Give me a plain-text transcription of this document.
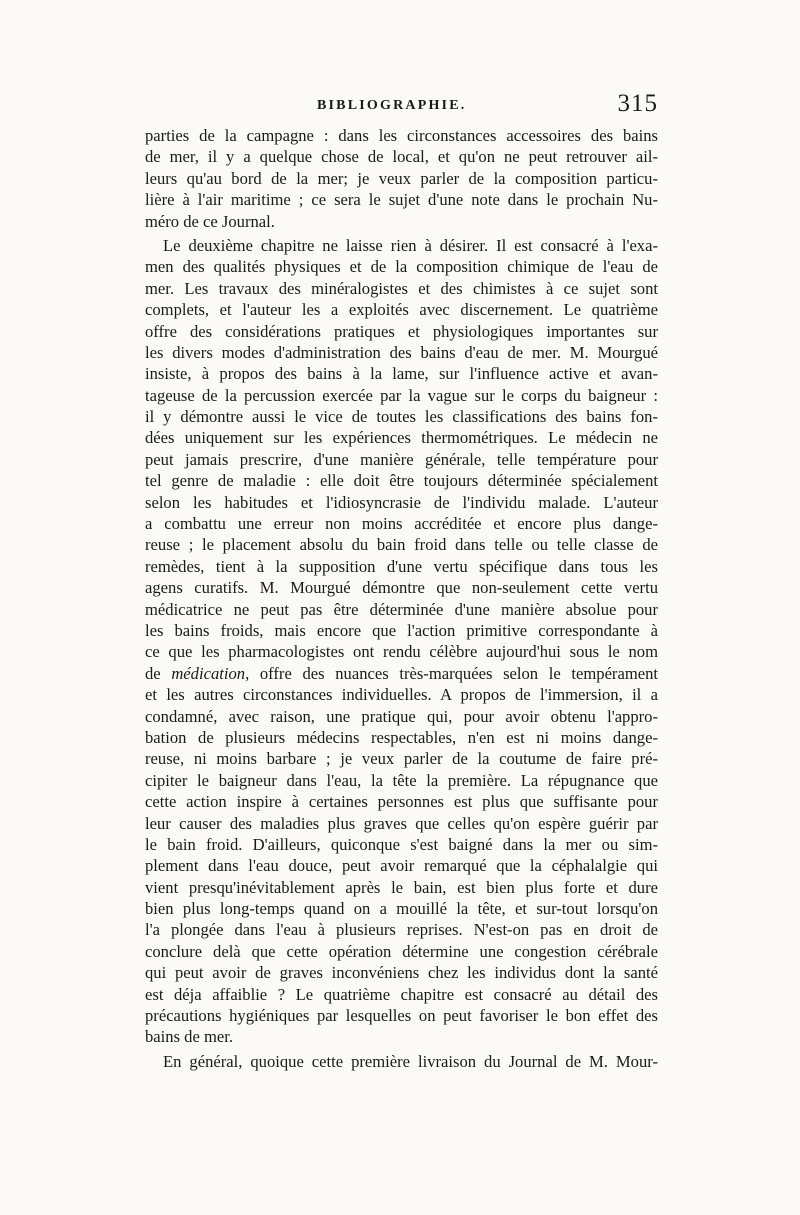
BIBLIOGRAPHIE.	315
parties de la campagne : dans les circonstances accessoires des bains
de mer, il y a quelque chose de local, et qu'on ne peut retrouver ail-
leurs qu'au bord de la mer; je veux parler de la composition particu-
lière à l'air maritime ; ce sera le sujet d'une note dans le prochain Nu-
méro de ce Journal.
Le deuxième chapitre ne laisse rien à désirer. Il est consacré à l'exa-
men des qualités physiques et de la composition chimique de l'eau de
mer. Les travaux des minéralogistes et des chimistes à ce sujet sont
complets, et l'auteur les a exploités avec discernement. Le quatrième
offre des considérations pratiques et physiologiques importantes sur
les divers modes d'administration des bains d'eau de mer. M. Mourgué
insiste, à propos des bains à la lame, sur l'influence active et avan-
tageuse de la percussion exercée par la vague sur le corps du baigneur :
il y démontre aussi le vice de toutes les classifications des bains fon-
dées uniquement sur les expériences thermométriques. Le médecin ne
peut jamais prescrire, d'une manière générale, telle température pour
tel genre de maladie : elle doit être toujours déterminée spécialement
selon les habitudes et l'idiosyncrasie de l'individu malade. L'auteur
a combattu une erreur non moins accréditée et encore plus dange-
reuse ; le placement absolu du bain froid dans telle ou telle classe de
remèdes, tient à la supposition d'une vertu spécifique dans tous les
agens curatifs. M. Mourgué démontre que non-seulement cette vertu
médicatrice ne peut pas être déterminée d'une manière absolue pour
les bains froids, mais encore que l'action primitive correspondante à
ce que les pharmacologistes ont rendu célèbre aujourd'hui sous le nom
de médication, offre des nuances très-marquées selon le tempérament
et les autres circonstances individuelles. A propos de l'immersion, il a
condamné, avec raison, une pratique qui, pour avoir obtenu l'appro-
bation de plusieurs médecins respectables, n'en est ni moins dange-
reuse, ni moins barbare ; je veux parler de la coutume de faire pré-
cipiter le baigneur dans l'eau, la tête la première. La répugnance que
cette action inspire à certaines personnes est plus que suffisante pour
leur causer des maladies plus graves que celles qu'on espère guérir par
le bain froid. D'ailleurs, quiconque s'est baigné dans la mer ou sim-
plement dans l'eau douce, peut avoir remarqué que la céphalalgie qui
vient presqu'inévitablement après le bain, est bien plus forte et dure
bien plus long-temps quand on a mouillé la tête, et sur-tout lorsqu'on
l'a plongée dans l'eau à plusieurs reprises. N'est-on pas en droit de
conclure delà que cette opération détermine une congestion cérébrale
qui peut avoir de graves inconvéniens chez les individus dont la santé
est déja affaiblie ? Le quatrième chapitre est consacré au détail des
précautions hygiéniques par lesquelles on peut favoriser le bon effet des
bains de mer.
En général, quoique cette première livraison du Journal de M. Mour-
